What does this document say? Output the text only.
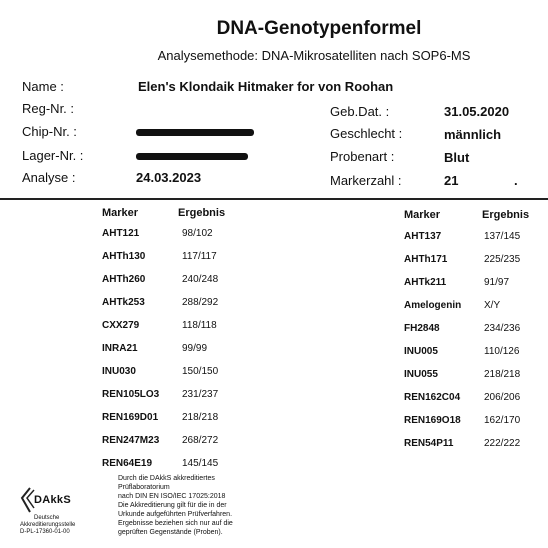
DNA-Genotypenformel
Analysemethode: DNA-Mikrosatelliten nach SOP6-MS
Name :	Elen's Klondaik Hitmaker for von Roohan
Reg-Nr. :
Chip-Nr. :
Lager-Nr. :
Analyse :	24.03.2023
Geb.Dat. :	31.05.2020
Geschlecht :	männlich
Probenart :	Blut
Markerzahl :	21	.
Marker	Ergebnis	Marker	Ergebnis
AHT121	98/102
AHTh130	117/117
AHTh260	240/248
AHTk253	288/292
CXX279	118/118
INRA21	99/99
INU030	150/150
REN105LO3 231/237
REN169D01 218/218
REN247M23 268/272
REN64E19	145/145
AHT137	137/145
AHTh171	225/235
AHTk211	91/97
Amelogenin X/Y
FH2848	234/236
INU005	110/126
INU055	218/218
REN162C04 206/206
REN169O18 162/170
REN54P11	222/222
DAkkS
Deutsche
Akkreditierungsstelle
D-PL-17360-01-00
Durch die DAkkS akkreditiertes
Prüflaboratorium
nach DIN EN ISO/IEC 17025:2018
Die Akkreditierung gilt für die in der
Urkunde aufgeführten Prüfverfahren.
Ergebnisse beziehen sich nur auf die
geprüften Gegenstände (Proben).
